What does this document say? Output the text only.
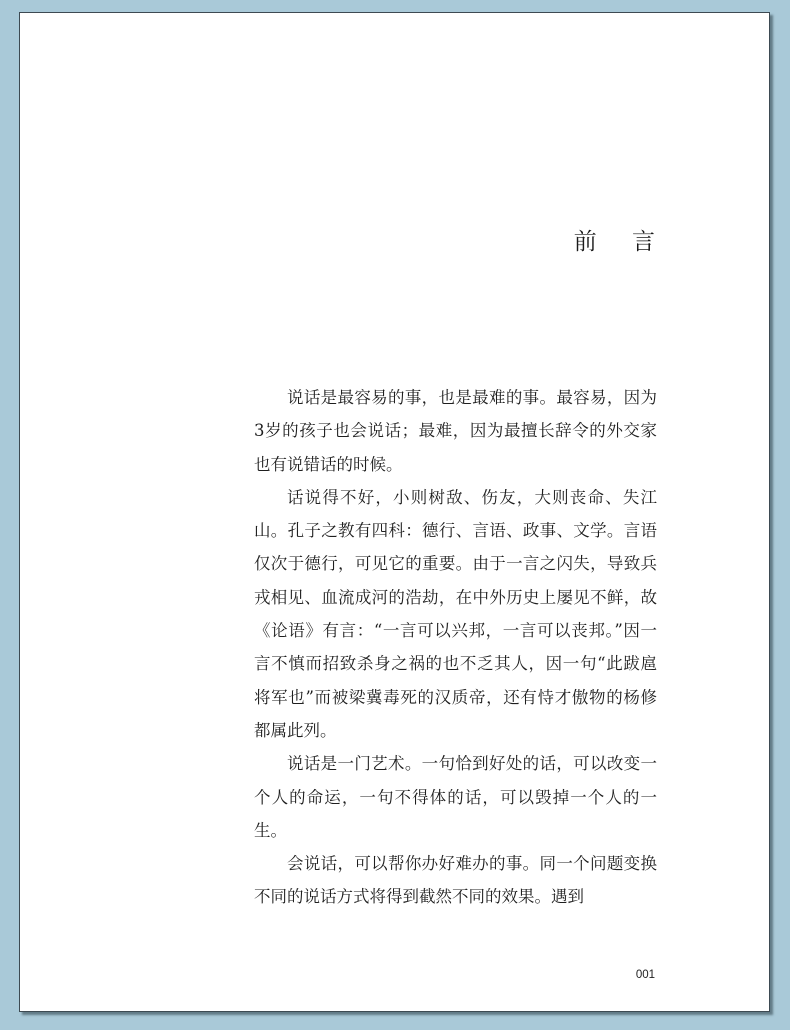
前 言

说话是最容易的事，也是最难的事。最容易，因为3岁的孩子也会说话；最难，因为最擅长辞令的外交家也有说错话的时候。

话说得不好，小则树敌、伤友，大则丧命、失江山。孔子之教有四科：德行、言语、政事、文学。言语仅次于德行，可见它的重要。由于一言之闪失，导致兵戎相见、血流成河的浩劫，在中外历史上屡见不鲜，故《论语》有言：“一言可以兴邦，一言可以丧邦。”因一言不慎而招致杀身之祸的也不乏其人，因一句“此跋扈将军也”而被梁冀毒死的汉质帝，还有恃才傲物的杨修都属此列。

说话是一门艺术。一句恰到好处的话，可以改变一个人的命运，一句不得体的话，可以毁掉一个人的一生。

会说话，可以帮你办好难办的事。同一个问题变换不同的说话方式将得到截然不同的效果。遇到

001
